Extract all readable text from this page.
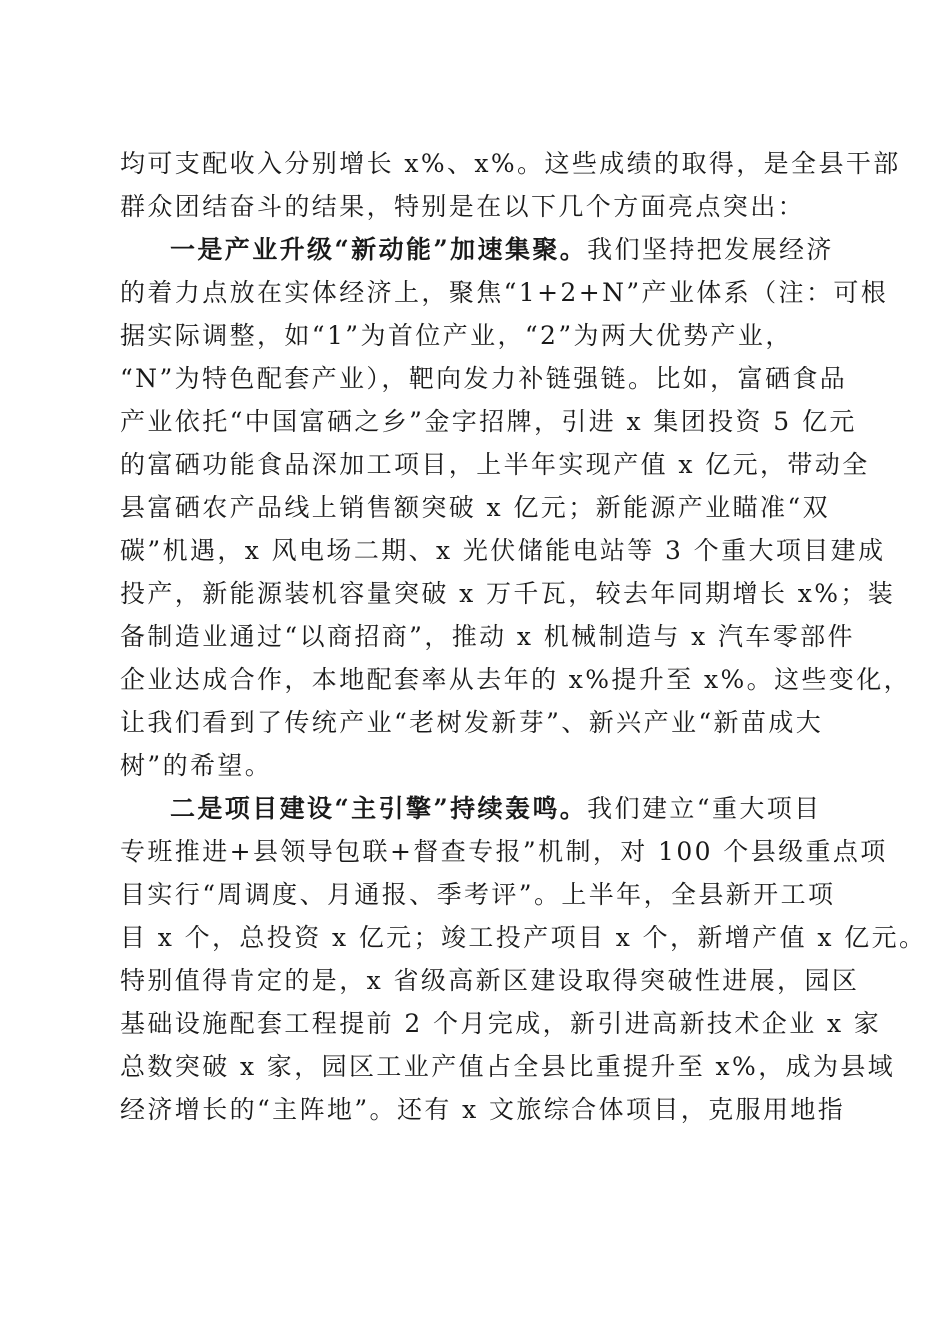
均可支配收入分别增长 x%、x%。这些成绩的取得，是全县干部
群众团结奋斗的结果，特别是在以下几个方面亮点突出：
一是产业升级“新动能”加速集聚。我们坚持把发展经济
的着力点放在实体经济上，聚焦“1+2+N”产业体系（注：可根
据实际调整，如“1”为首位产业，“2”为两大优势产业，
“N”为特色配套产业），靶向发力补链强链。比如，富硒食品
产业依托“中国富硒之乡”金字招牌，引进 x 集团投资 5 亿元
的富硒功能食品深加工项目，上半年实现产值 x 亿元，带动全
县富硒农产品线上销售额突破 x 亿元；新能源产业瞄准“双
碳”机遇，x 风电场二期、x 光伏储能电站等 3 个重大项目建成
投产，新能源装机容量突破 x 万千瓦，较去年同期增长 x%；装
备制造业通过“以商招商”，推动 x 机械制造与 x 汽车零部件
企业达成合作，本地配套率从去年的 x%提升至 x%。这些变化，
让我们看到了传统产业“老树发新芽”、新兴产业“新苗成大
树”的希望。
二是项目建设“主引擎”持续轰鸣。我们建立“重大项目
专班推进+县领导包联+督查专报”机制，对 100 个县级重点项
目实行“周调度、月通报、季考评”。上半年，全县新开工项
目 x 个，总投资 x 亿元；竣工投产项目 x 个，新增产值 x 亿元。
特别值得肯定的是，x 省级高新区建设取得突破性进展，园区
基础设施配套工程提前 2 个月完成，新引进高新技术企业 x 家
总数突破 x 家，园区工业产值占全县比重提升至 x%，成为县域
经济增长的“主阵地”。还有 x 文旅综合体项目，克服用地指
